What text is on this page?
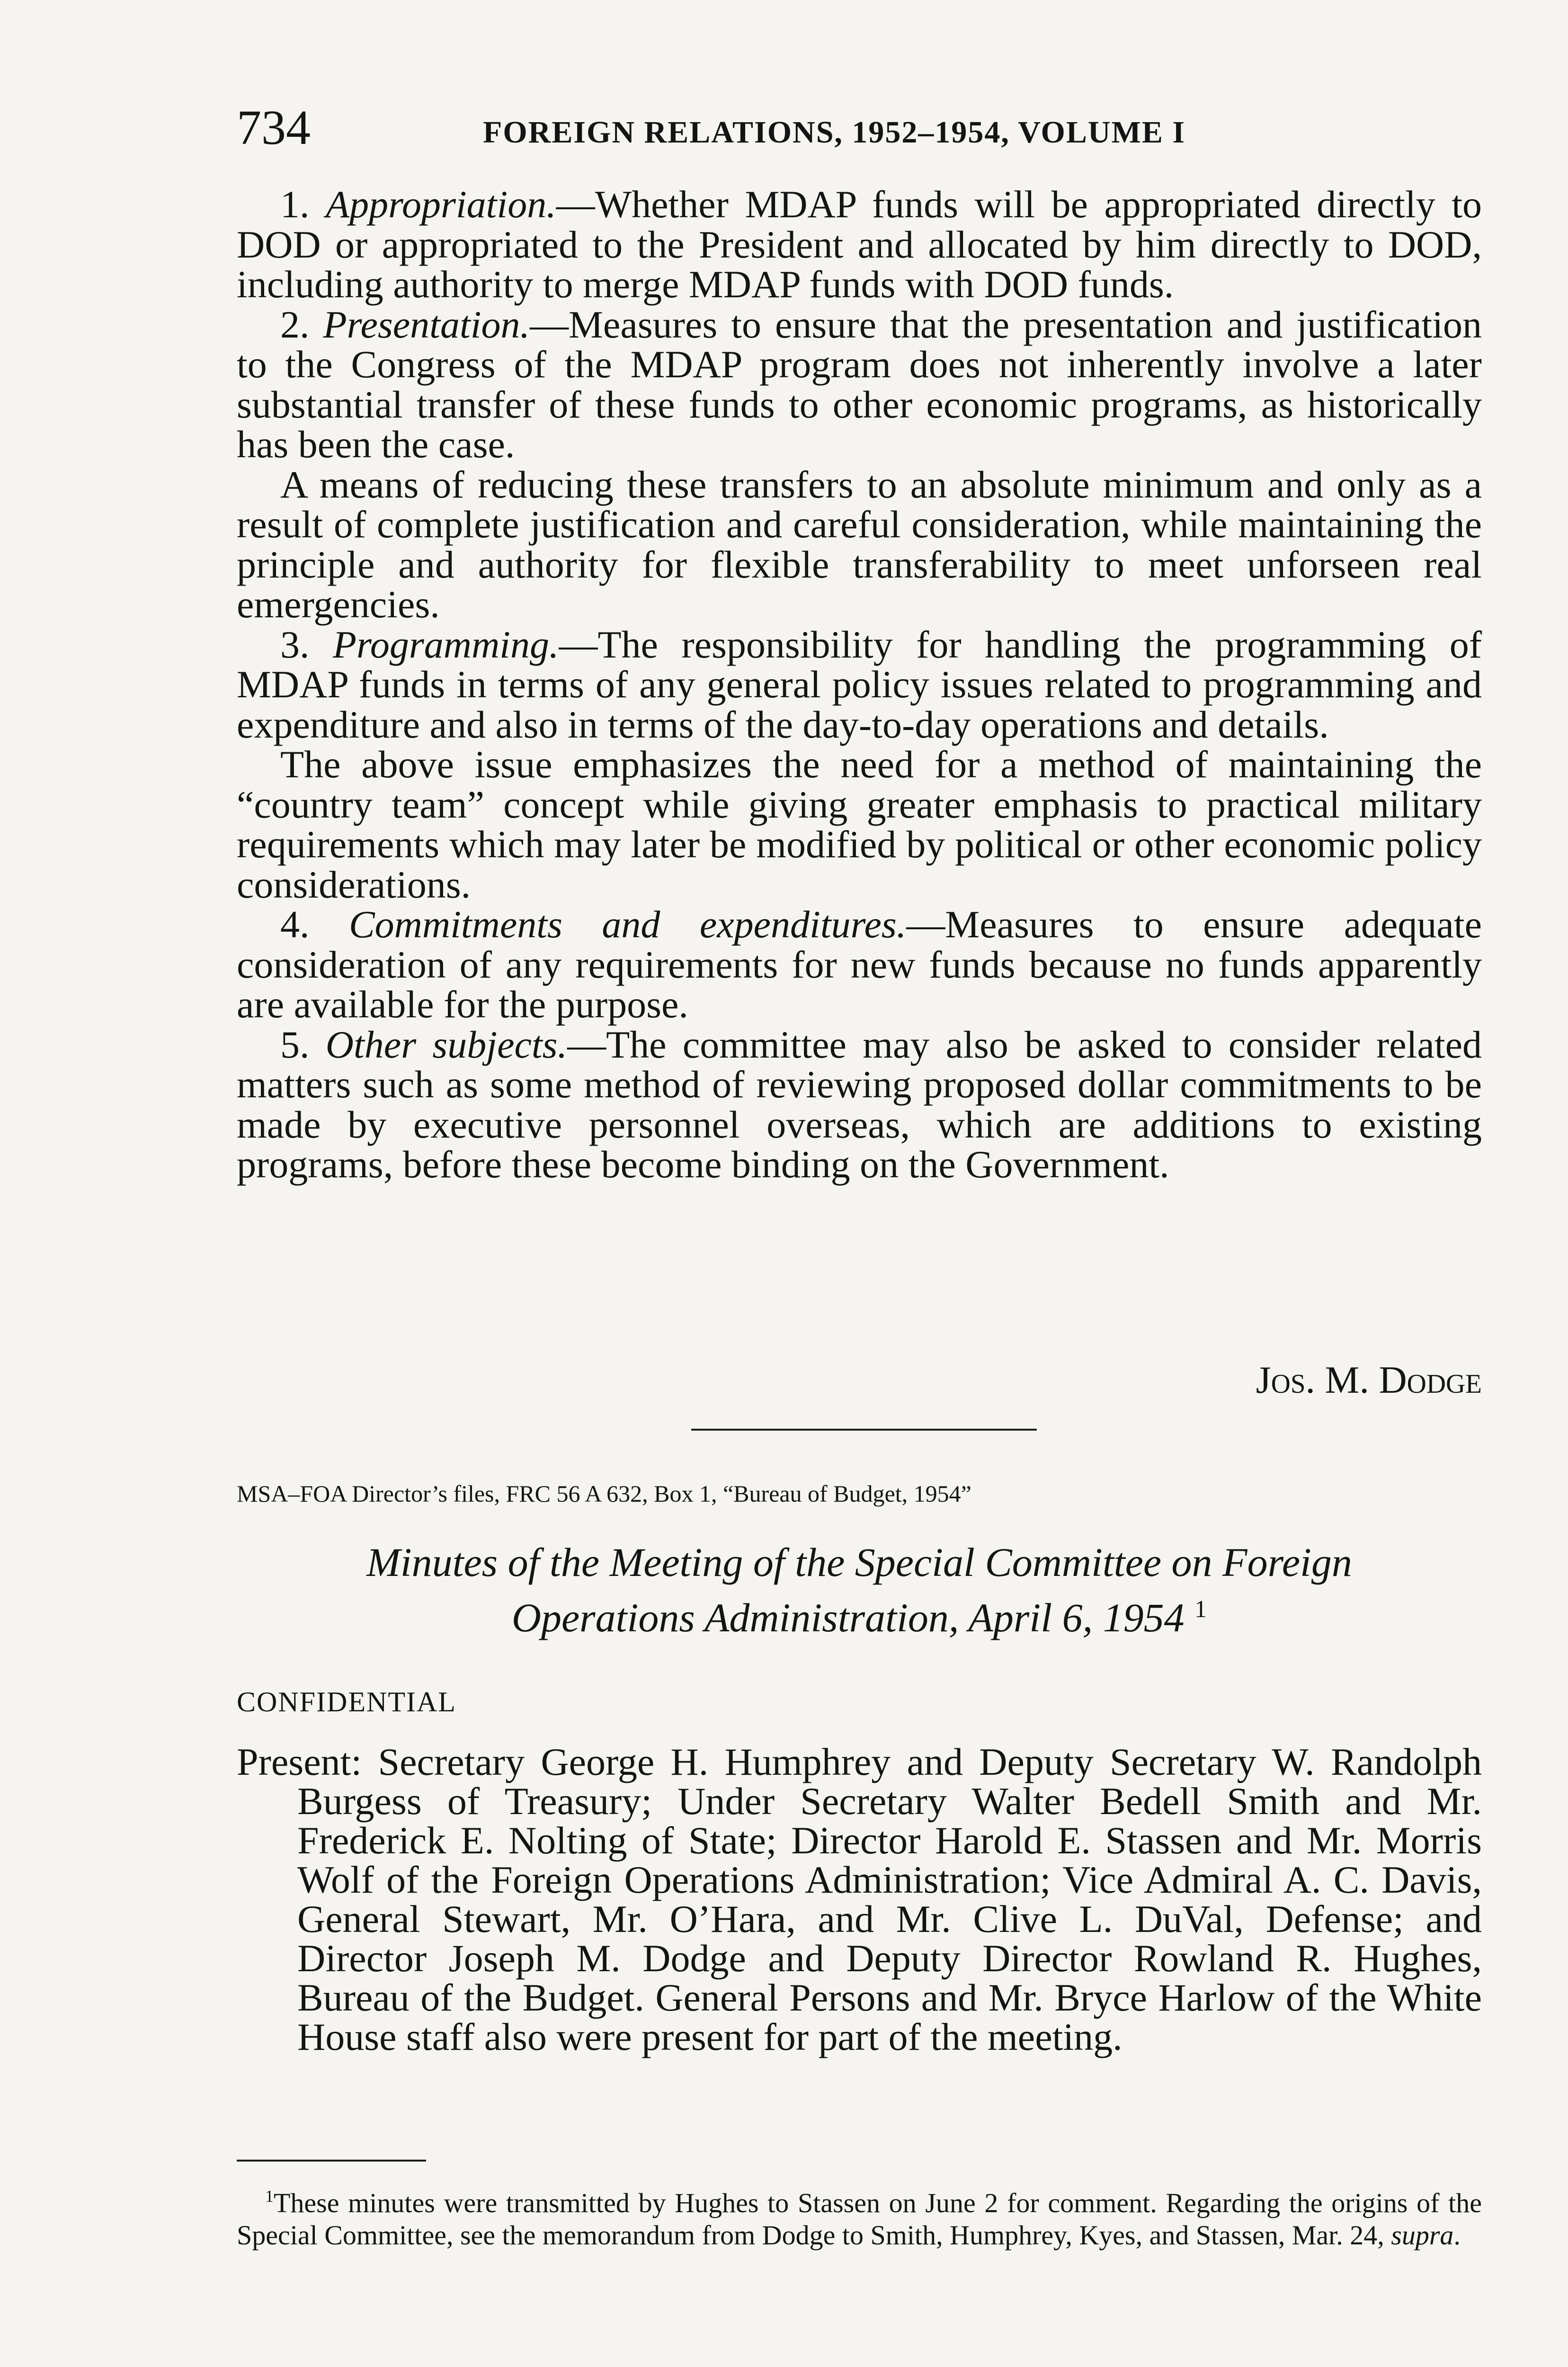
734	FOREIGN RELATIONS, 1952–1954, VOLUME I

1. Appropriation.—Whether MDAP funds will be appropriated directly to DOD or appropriated to the President and allocated by him directly to DOD, including authority to merge MDAP funds with DOD funds.

2. Presentation.—Measures to ensure that the presentation and justification to the Congress of the MDAP program does not inherently involve a later substantial transfer of these funds to other economic programs, as historically has been the case.

A means of reducing these transfers to an absolute minimum and only as a result of complete justification and careful consideration, while maintaining the principle and authority for flexible transferability to meet unforseen real emergencies.

3. Programming.—The responsibility for handling the programming of MDAP funds in terms of any general policy issues related to programming and expenditure and also in terms of the day-to-day operations and details.

The above issue emphasizes the need for a method of maintaining the “country team” concept while giving greater emphasis to practical military requirements which may later be modified by political or other economic policy considerations.

4. Commitments and expenditures.—Measures to ensure adequate consideration of any requirements for new funds because no funds apparently are available for the purpose.

5. Other subjects.—The committee may also be asked to consider related matters such as some method of reviewing proposed dollar commitments to be made by executive personnel overseas, which are additions to existing programs, before these become binding on the Government.

Jos. M. Dodge
MSA–FOA Director’s files, FRC 56 A 632, Box 1, “Bureau of Budget, 1954”
Minutes of the Meeting of the Special Committee on Foreign
Operations Administration, April 6, 1954 $^1$
CONFIDENTIAL
Present: Secretary George H. Humphrey and Deputy Secretary W. Randolph Burgess of Treasury; Under Secretary Walter Bedell Smith and Mr. Frederick E. Nolting of State; Director Harold E. Stassen and Mr. Morris Wolf of the Foreign Operations Administration; Vice Admiral A. C. Davis, General Stewart, Mr. O’Hara, and Mr. Clive L. DuVal, Defense; and Director Joseph M. Dodge and Deputy Director Rowland R. Hughes, Bureau of the Budget. General Persons and Mr. Bryce Harlow of the White House staff also were present for part of the meeting.
$^1$These minutes were transmitted by Hughes to Stassen on June 2 for comment. Regarding the origins of the Special Committee, see the memorandum from Dodge to Smith, Humphrey, Kyes, and Stassen, Mar. 24, supra.
